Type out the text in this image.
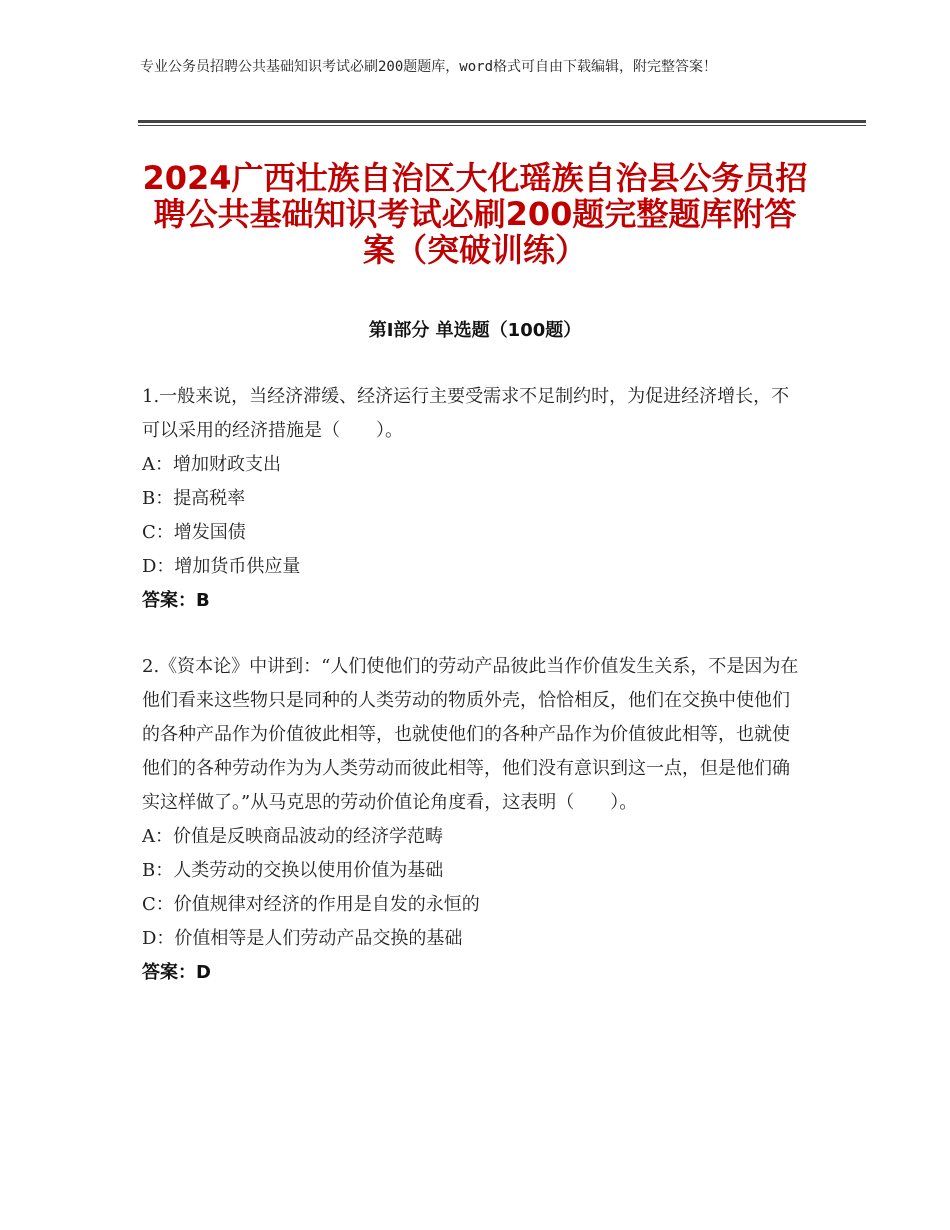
专业公务员招聘公共基础知识考试必刷200题题库，word格式可自由下载编辑，附完整答案！
2024广西壮族自治区大化瑶族自治县公务员招聘公共基础知识考试必刷200题完整题库附答案（突破训练）
第Ⅰ部分 单选题（100题）
1.一般来说，当经济滞缓、经济运行主要受需求不足制约时，为促进经济增长，不可以采用的经济措施是（　　）。
A：增加财政支出
B：提高税率
C：增发国债
D：增加货币供应量
答案：B
2.《资本论》中讲到：“人们使他们的劳动产品彼此当作价值发生关系，不是因为在他们看来这些物只是同种的人类劳动的物质外壳，恰恰相反，他们在交换中使他们的各种产品作为价值彼此相等，也就使他们的各种产品作为价值彼此相等，也就使他们的各种劳动作为为人类劳动而彼此相等，他们没有意识到这一点，但是他们确实这样做了。”从马克思的劳动价值论角度看，这表明（　　）。
A：价值是反映商品波动的经济学范畴
B：人类劳动的交换以使用价值为基础
C：价值规律对经济的作用是自发的永恒的
D：价值相等是人们劳动产品交换的基础
答案：D
